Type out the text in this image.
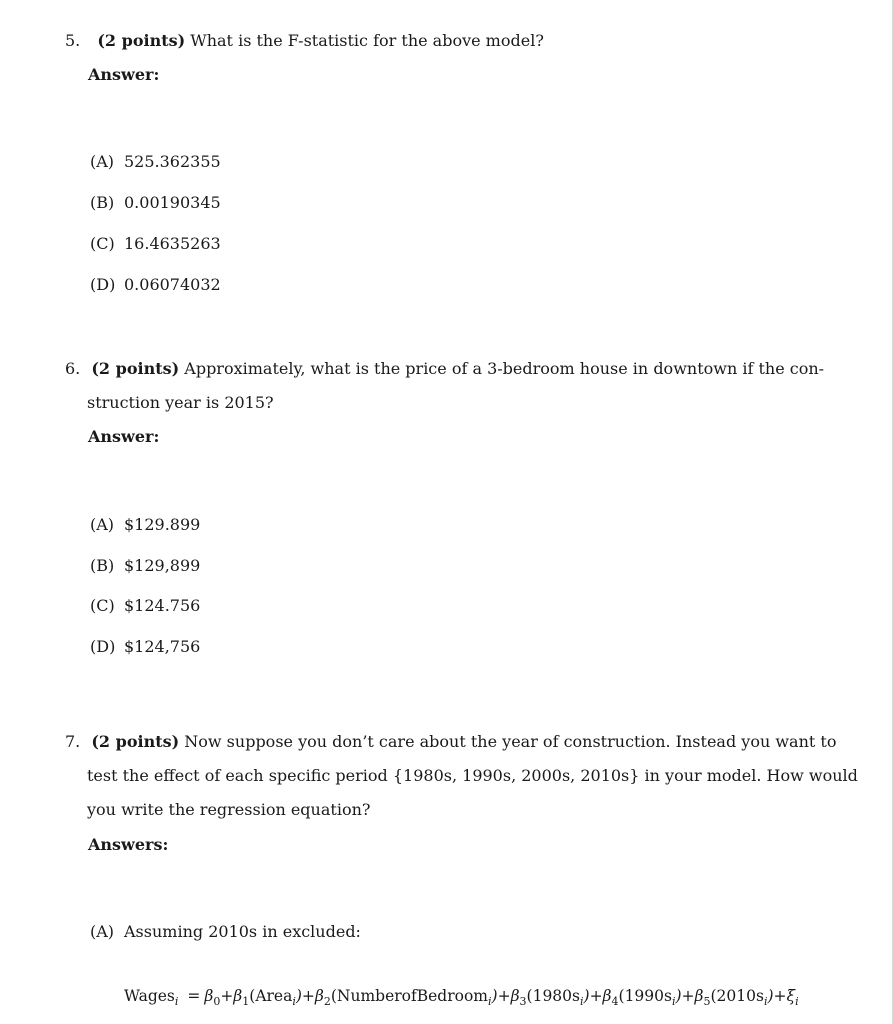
5. (2 points) What is the F-statistic for the above model?
Answer:
(A) 525.362355
(B) 0.00190345
(C) 16.4635263
(D) 0.06074032
6. (2 points) Approximately, what is the price of a 3-bedroom house in downtown if the con-
struction year is 2015?
Answer:
(A) $129.899
(B) $129,899
(C) $124.756
(D) $124,756
7. (2 points) Now suppose you don’t care about the year of construction. Instead you want to
test the effect of each specific period {1980s, 1990s, 2000s, 2010s} in your model. How would
you write the regression equation?
Answers:
(A) Assuming 2010s in excluded:
Wages$_i$ = $\beta_0+\beta_1(Area_i)+\beta_2(NumberofBedroom_i)+\beta_3(1980s_i)+\beta_4(1990s_i)+\beta_5(2010s_i)+\xi_i$
